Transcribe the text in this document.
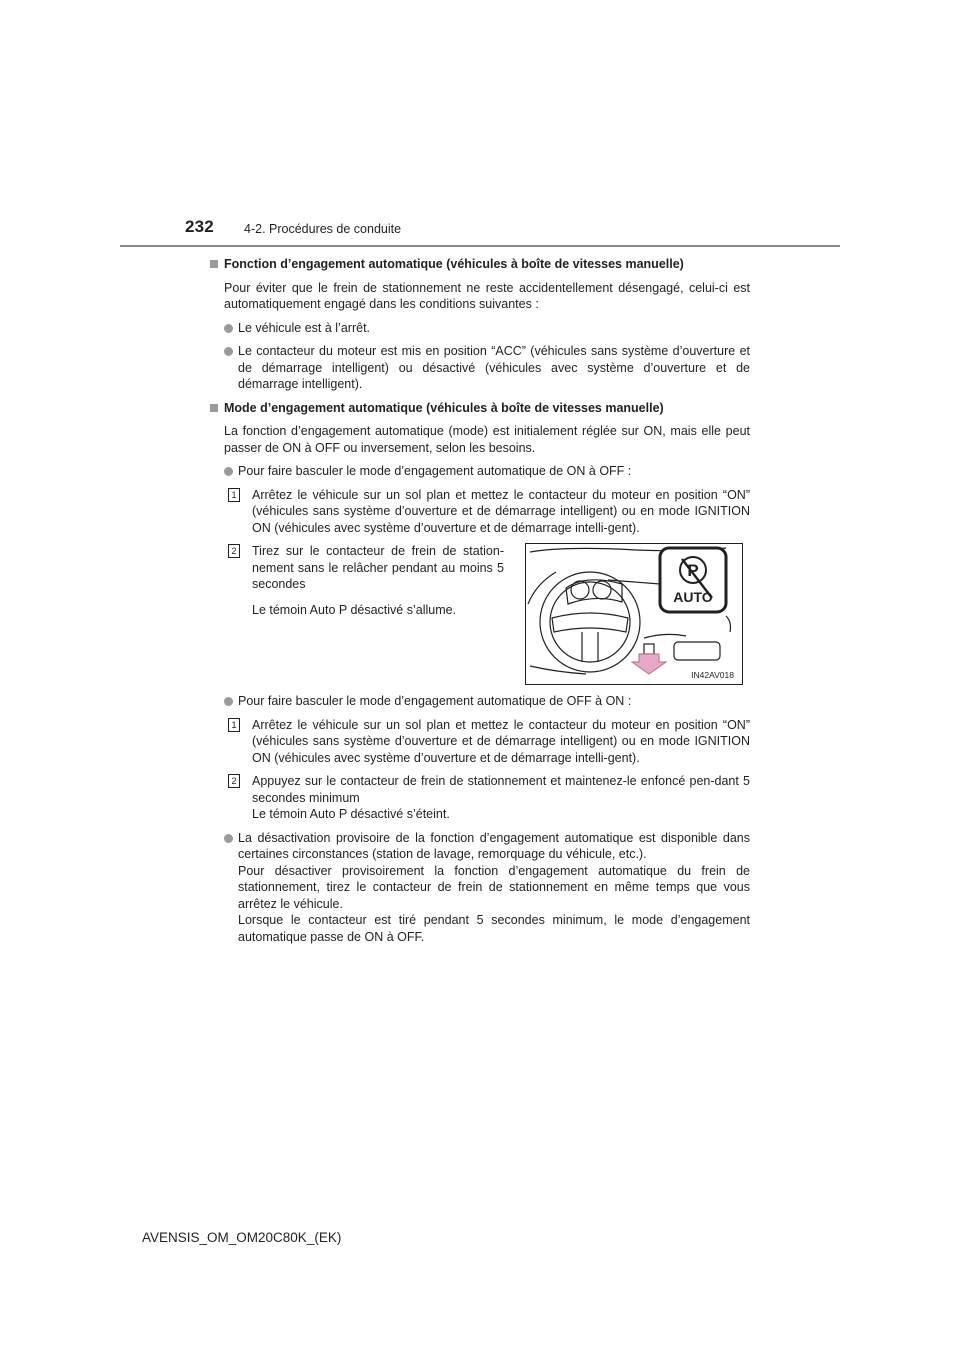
232 4-2. Procédures de conduite
Fonction d’engagement automatique (véhicules à boîte de vitesses manuelle)
Pour éviter que le frein de stationnement ne reste accidentellement désengagé, celui-ci est automatiquement engagé dans les conditions suivantes :
Le véhicule est à l’arrêt.
Le contacteur du moteur est mis en position “ACC” (véhicules sans système d’ouverture et de démarrage intelligent) ou désactivé (véhicules avec système d’ouverture et de démarrage intelligent).
Mode d’engagement automatique (véhicules à boîte de vitesses manuelle)
La fonction d’engagement automatique (mode) est initialement réglée sur ON, mais elle peut passer de ON à OFF ou inversement, selon les besoins.
Pour faire basculer le mode d’engagement automatique de ON à OFF :
1 Arrêtez le véhicule sur un sol plan et mettez le contacteur du moteur en position “ON” (véhicules sans système d’ouverture et de démarrage intelligent) ou en mode IGNITION ON (véhicules avec système d’ouverture et de démarrage intelli-gent).
2 Tirez sur le contacteur de frein de station-nement sans le relâcher pendant au moins 5 secondes
Le témoin Auto P désactivé s’allume.
P
AUTO
IN42AV018
Pour faire basculer le mode d’engagement automatique de OFF à ON :
1 Arrêtez le véhicule sur un sol plan et mettez le contacteur du moteur en position “ON” (véhicules sans système d’ouverture et de démarrage intelligent) ou en mode IGNITION ON (véhicules avec système d’ouverture et de démarrage intelli-gent).
2 Appuyez sur le contacteur de frein de stationnement et maintenez-le enfoncé pen-dant 5 secondes minimum
Le témoin Auto P désactivé s’éteint.
La désactivation provisoire de la fonction d’engagement automatique est disponible dans certaines circonstances (station de lavage, remorquage du véhicule, etc.).
Pour désactiver provisoirement la fonction d’engagement automatique du frein de stationnement, tirez le contacteur de frein de stationnement en même temps que vous arrêtez le véhicule.
Lorsque le contacteur est tiré pendant 5 secondes minimum, le mode d’engagement automatique passe de ON à OFF.
AVENSIS_OM_OM20C80K_(EK)
